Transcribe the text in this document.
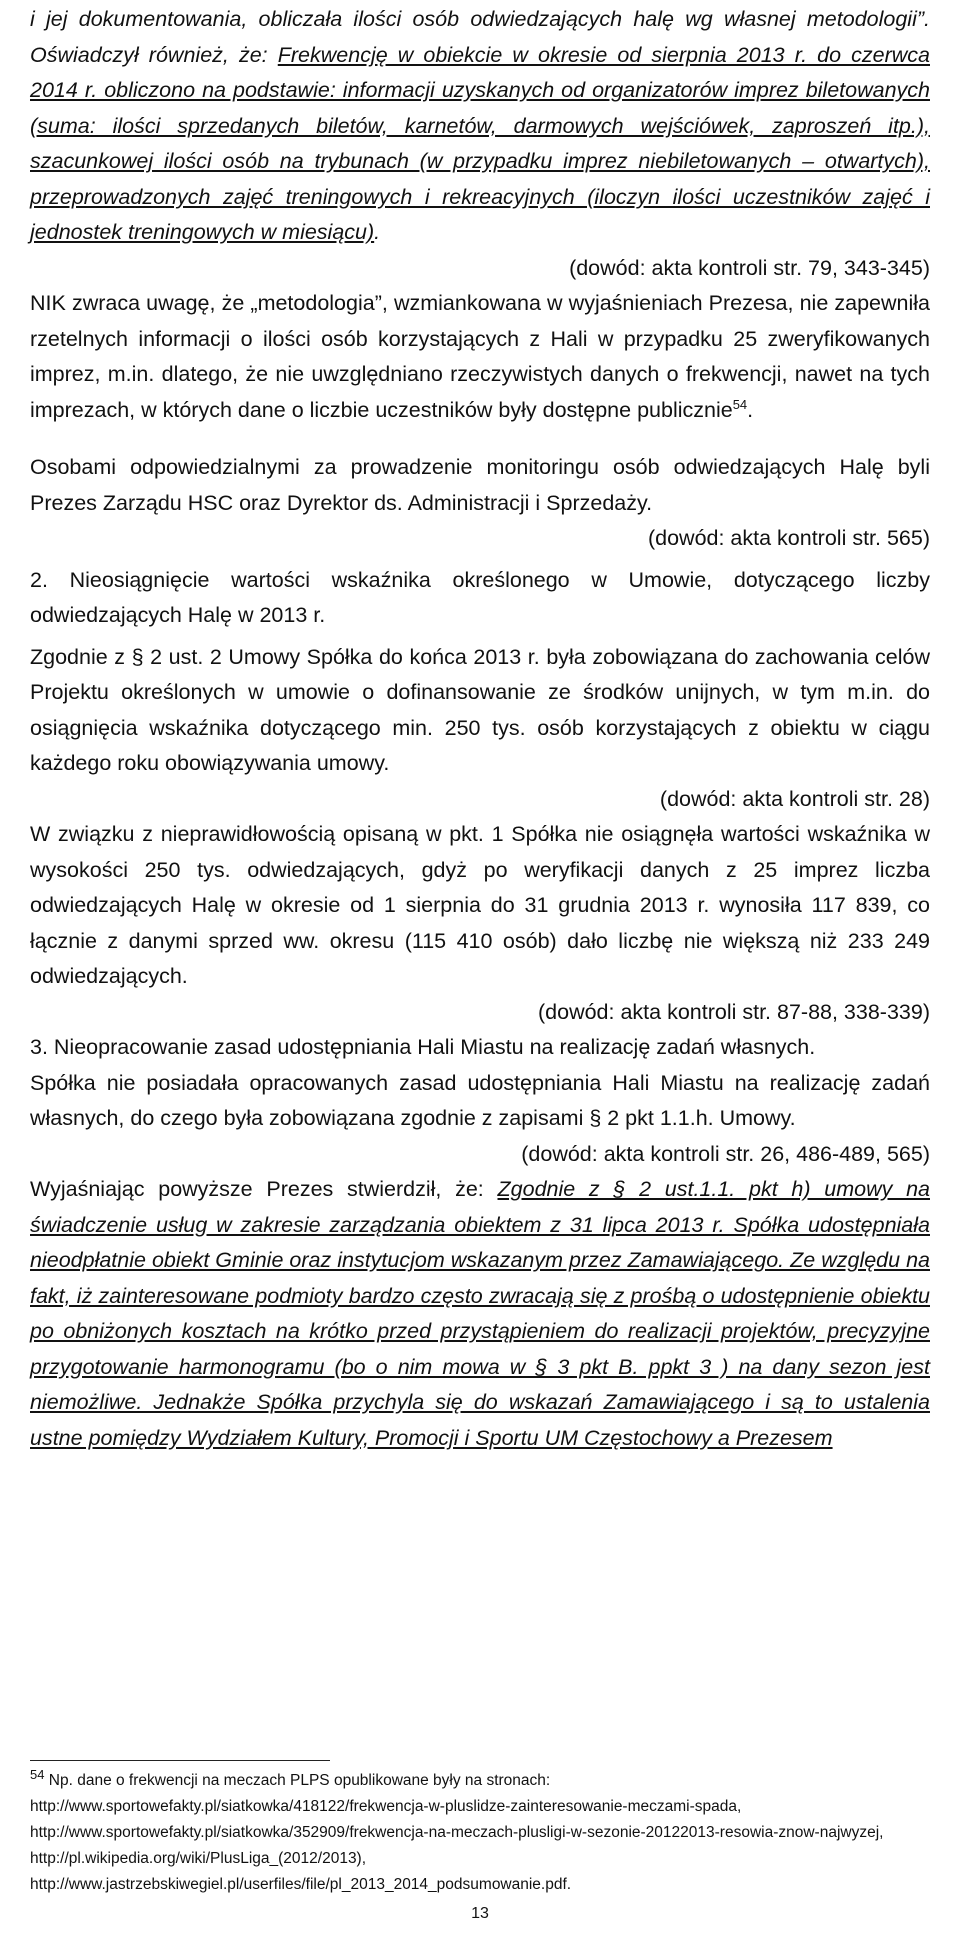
i jej dokumentowania, obliczała ilości osób odwiedzających halę wg własnej metodologii”. Oświadczył również, że: Frekwencję w obiekcie w okresie od sierpnia 2013 r. do czerwca 2014 r. obliczono na podstawie: informacji uzyskanych od organizatorów imprez biletowanych (suma: ilości sprzedanych biletów, karnetów, darmowych wejściówek, zaproszeń itp.), szacunkowej ilości osób na trybunach (w przypadku imprez niebiletowanych – otwartych), przeprowadzonych zajęć treningowych i rekreacyjnych (iloczyn ilości uczestników zajęć i jednostek treningowych w miesiącu).

(dowód: akta kontroli str. 79, 343-345)

NIK zwraca uwagę, że „metodologia”, wzmiankowana w wyjaśnieniach Prezesa, nie zapewniła rzetelnych informacji o ilości osób korzystających z Hali w przypadku 25 zweryfikowanych imprez, m.in. dlatego, że nie uwzględniano rzeczywistych danych o frekwencji, nawet na tych imprezach, w których dane o liczbie uczestników były dostępne publicznie$^{54}$.

Osobami odpowiedzialnymi za prowadzenie monitoringu osób odwiedzających Halę byli Prezes Zarządu HSC oraz Dyrektor ds. Administracji i Sprzedaży.

(dowód: akta kontroli str. 565)

2. Nieosiągnięcie wartości wskaźnika określonego w Umowie, dotyczącego liczby odwiedzających Halę w 2013 r.

Zgodnie z § 2 ust. 2 Umowy Spółka do końca 2013 r. była zobowiązana do zachowania celów Projektu określonych w umowie o dofinansowanie ze środków unijnych, w tym m.in. do osiągnięcia wskaźnika dotyczącego min. 250 tys. osób korzystających z obiektu w ciągu każdego roku obowiązywania umowy.

(dowód: akta kontroli str. 28)

W związku z nieprawidłowością opisaną w pkt. 1 Spółka nie osiągnęła wartości wskaźnika w wysokości 250 tys. odwiedzających, gdyż po weryfikacji danych z 25 imprez liczba odwiedzających Halę w okresie od 1 sierpnia do 31 grudnia 2013 r. wynosiła 117 839, co łącznie z danymi sprzed ww. okresu (115 410 osób) dało liczbę nie większą niż 233 249 odwiedzających.

(dowód: akta kontroli str. 87-88, 338-339)

3. Nieopracowanie zasad udostępniania Hali Miastu na realizację zadań własnych.

Spółka nie posiadała opracowanych zasad udostępniania Hali Miastu na realizację zadań własnych, do czego była zobowiązana zgodnie z zapisami § 2 pkt 1.1.h. Umowy.

(dowód: akta kontroli str. 26, 486-489, 565)

Wyjaśniając powyższe Prezes stwierdził, że: Zgodnie z § 2 ust.1.1. pkt h) umowy na świadczenie usług w zakresie zarządzania obiektem z 31 lipca 2013 r. Spółka udostępniała nieodpłatnie obiekt Gminie oraz instytucjom wskazanym przez Zamawiającego. Ze względu na fakt, iż zainteresowane podmioty bardzo często zwracają się z prośbą o udostępnienie obiektu po obniżonych kosztach na krótko przed przystąpieniem do realizacji projektów, precyzyjne przygotowanie harmonogramu (bo o nim mowa w § 3 pkt B. ppkt 3 ) na dany sezon jest niemożliwe. Jednakże Spółka przychyla się do wskazań Zamawiającego i są to ustalenia ustne pomiędzy Wydziałem Kultury, Promocji i Sportu UM Częstochowy a Prezesem

$^{54}$ Np. dane o frekwencji na meczach PLPS opublikowane były na stronach:

http://www.sportowefakty.pl/siatkowka/418122/frekwencja-w-pluslidze-zainteresowanie-meczami-spada,

http://www.sportowefakty.pl/siatkowka/352909/frekwencja-na-meczach-plusligi-w-sezonie-20122013-resowia-znow-najwyzej, http://pl.wikipedia.org/wiki/PlusLiga_(2012/2013),

http://www.jastrzebskiwegiel.pl/userfiles/file/pl_2013_2014_podsumowanie.pdf.

13
